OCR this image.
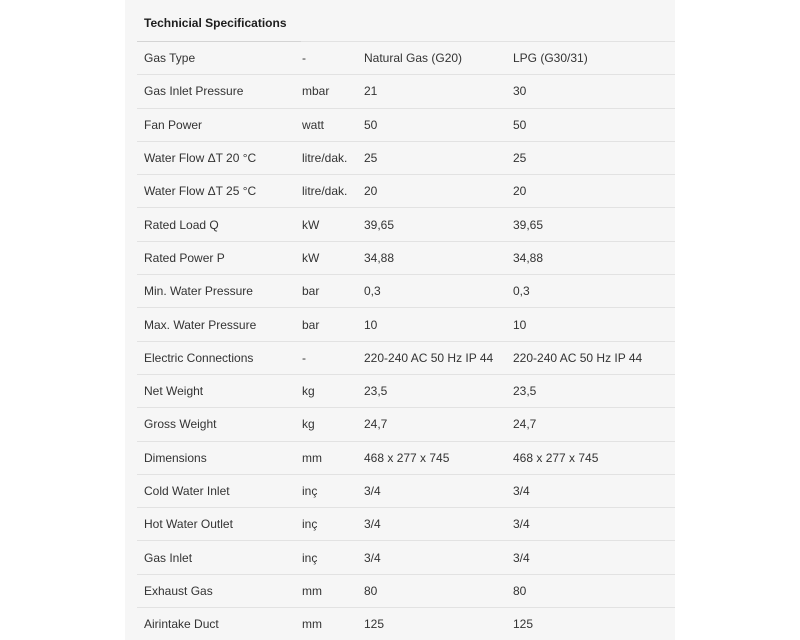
Technicial Specifications
Gas Type	-	Natural Gas (G20)	LPG (G30/31)
Gas Inlet Pressure	mbar	21	30
Fan Power	watt	50	50
Water Flow ΔT 20 °C	litre/dak.	25	25
Water Flow ΔT 25 °C	litre/dak.	20	20
Rated Load Q	kW	39,65	39,65
Rated Power P	kW	34,88	34,88
Min. Water Pressure	bar	0,3	0,3
Max. Water Pressure	bar	10	10
Electric Connections	-	220-240 AC 50 Hz IP 44	220-240 AC 50 Hz IP 44
Net Weight	kg	23,5	23,5
Gross Weight	kg	24,7	24,7
Dimensions	mm	468 x 277 x 745	468 x 277 x 745
Cold Water Inlet	inç	3/4	3/4
Hot Water Outlet	inç	3/4	3/4
Gas Inlet	inç	3/4	3/4
Exhaust Gas	mm	80	80
Airintake Duct	mm	125	125
